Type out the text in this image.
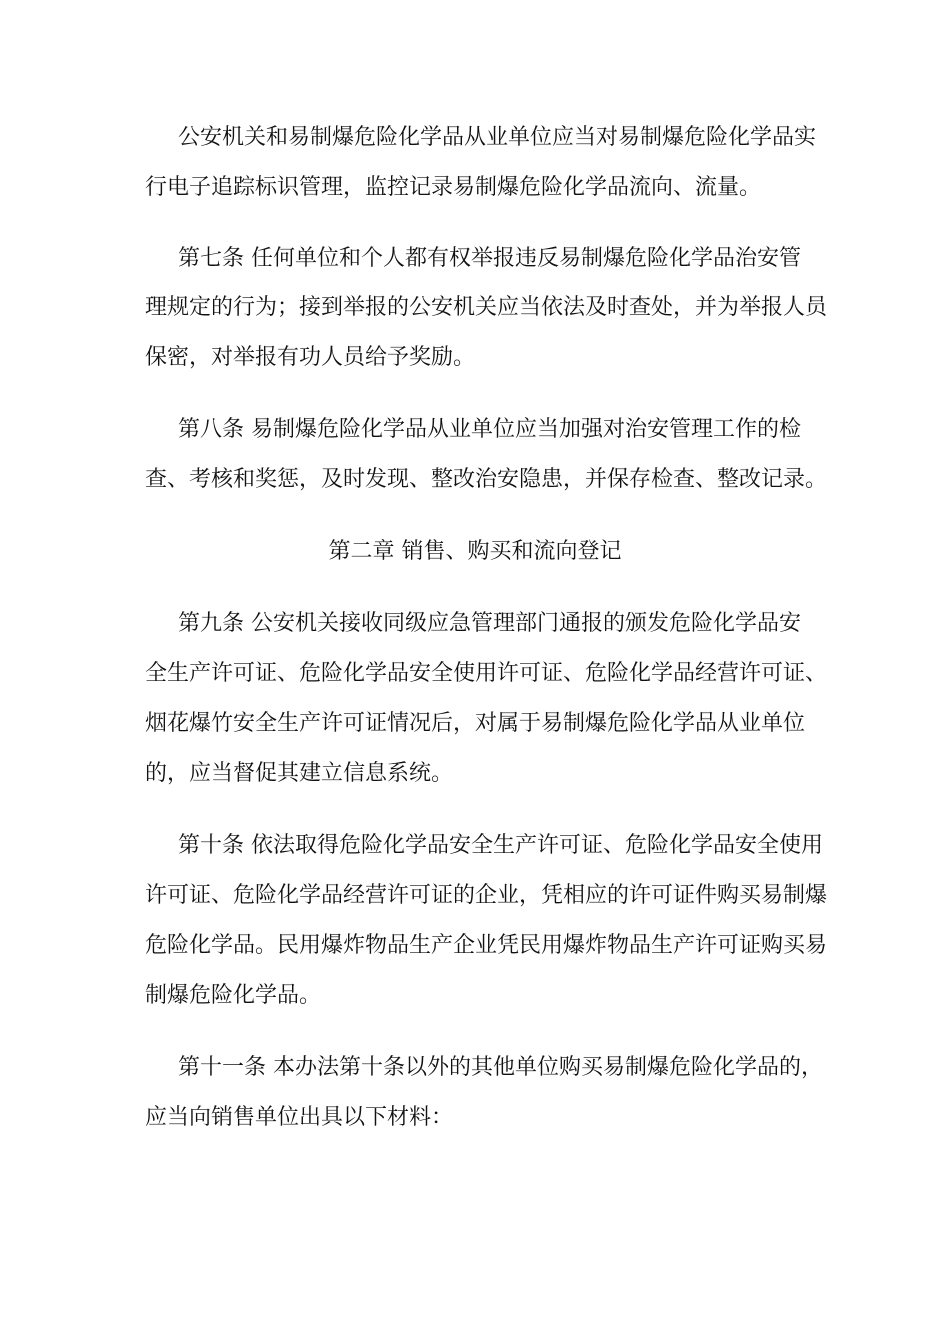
公安机关和易制爆危险化学品从业单位应当对易制爆危险化学品实
行电子追踪标识管理，监控记录易制爆危险化学品流向、流量。
第七条 任何单位和个人都有权举报违反易制爆危险化学品治安管
理规定的行为；接到举报的公安机关应当依法及时查处，并为举报人员
保密，对举报有功人员给予奖励。
第八条 易制爆危险化学品从业单位应当加强对治安管理工作的检
查、考核和奖惩，及时发现、整改治安隐患，并保存检查、整改记录。
第二章 销售、购买和流向登记
第九条 公安机关接收同级应急管理部门通报的颁发危险化学品安
全生产许可证、危险化学品安全使用许可证、危险化学品经营许可证、
烟花爆竹安全生产许可证情况后，对属于易制爆危险化学品从业单位
的，应当督促其建立信息系统。
第十条 依法取得危险化学品安全生产许可证、危险化学品安全使用
许可证、危险化学品经营许可证的企业，凭相应的许可证件购买易制爆
危险化学品。民用爆炸物品生产企业凭民用爆炸物品生产许可证购买易
制爆危险化学品。
第十一条 本办法第十条以外的其他单位购买易制爆危险化学品的，
应当向销售单位出具以下材料：
